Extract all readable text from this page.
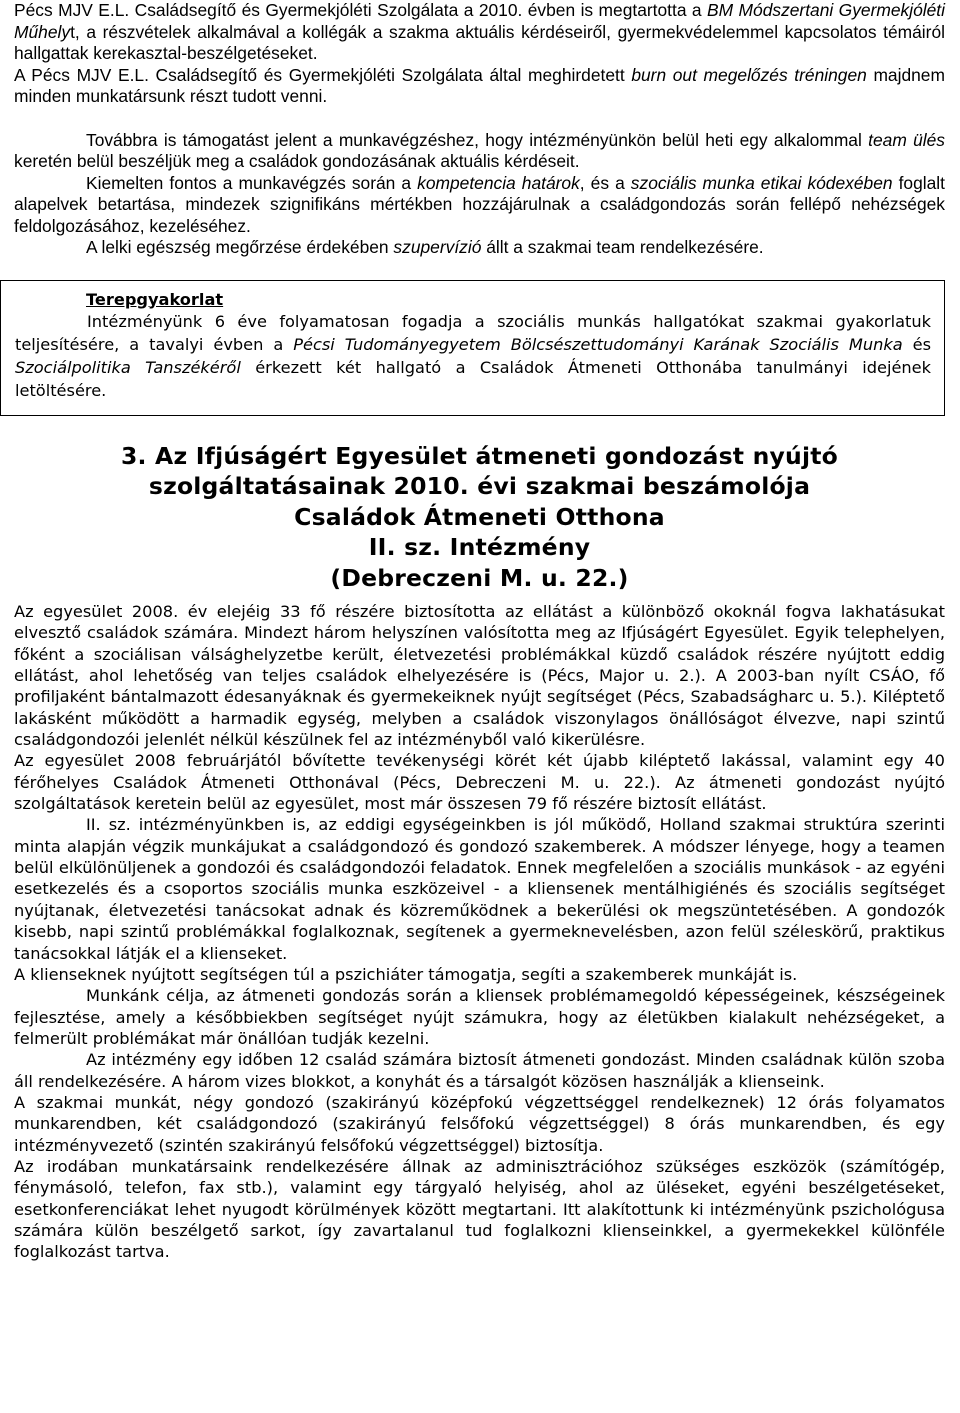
Pécs MJV E.L. Családsegítő és Gyermekjóléti Szolgálata a 2010. évben is megtartotta a BM Módszertani Gyermekjóléti Műhelyt, a részvételek alkalmával a kollégák a szakma aktuális kérdéseiről, gyermekvédelemmel kapcsolatos témáiról hallgattak kerekasztal-beszélgetéseket.

A Pécs MJV E.L. Családsegítő és Gyermekjóléti Szolgálata által meghirdetett burn out megelőzés tréningen majdnem minden munkatársunk részt tudott venni.

Továbbra is támogatást jelent a munkavégzéshez, hogy intézményünkön belül heti egy alkalommal team ülés keretén belül beszéljük meg a családok gondozásának aktuális kérdéseit.

Kiemelten fontos a munkavégzés során a kompetencia határok, és a szociális munka etikai kódexében foglalt alapelvek betartása, mindezek szignifikáns mértékben hozzájárulnak a családgondozás során fellépő nehézségek feldolgozásához, kezeléséhez.

A lelki egészség megőrzése érdekében szupervízió állt a szakmai team rendelkezésére.

Terepgyakorlat

Intézményünk 6 éve folyamatosan fogadja a szociális munkás hallgatókat szakmai gyakorlatuk teljesítésére, a tavalyi évben a Pécsi Tudományegyetem Bölcsészettudományi Karának Szociális Munka és Szociálpolitika Tanszékéről érkezett két hallgató a Családok Átmeneti Otthonába tanulmányi idejének letöltésére.

3. Az Ifjúságért Egyesület átmeneti gondozást nyújtó
szolgáltatásainak 2010. évi szakmai beszámolója
Családok Átmeneti Otthona
II. sz. Intézmény
(Debreczeni M. u. 22.)

Az egyesület 2008. év elejéig 33 fő részére biztosította az ellátást a különböző okoknál fogva lakhatásukat elvesztő családok számára. Mindezt három helyszínen valósította meg az Ifjúságért Egyesület. Egyik telephelyen, főként a szociálisan válsághelyzetbe került, életvezetési problémákkal küzdő családok részére nyújtott eddig ellátást, ahol lehetőség van teljes családok elhelyezésére is (Pécs, Major u. 2.). A 2003-ban nyílt CSÁO, fő profiljaként bántalmazott édesanyáknak és gyermekeiknek nyújt segítséget (Pécs, Szabadságharc u. 5.). Kiléptető lakásként működött a harmadik egység, melyben a családok viszonylagos önállóságot élvezve, napi szintű családgondozói jelenlét nélkül készülnek fel az intézményből való kikerülésre.

Az egyesület 2008 februárjától bővítette tevékenységi körét két újabb kiléptető lakással, valamint egy 40 férőhelyes Családok Átmeneti Otthonával (Pécs, Debreczeni M. u. 22.). Az átmeneti gondozást nyújtó szolgáltatások keretein belül az egyesület, most már összesen 79 fő részére biztosít ellátást.

II. sz. intézményünkben is, az eddigi egységeinkben is jól működő, Holland szakmai struktúra szerinti minta alapján végzik munkájukat a családgondozó és gondozó szakemberek. A módszer lényege, hogy a teamen belül elkülönüljenek a gondozói és családgondozói feladatok. Ennek megfelelően a szociális munkások - az egyéni esetkezelés és a csoportos szociális munka eszközeivel - a kliensenek mentálhigiénés és szociális segítséget nyújtanak, életvezetési tanácsokat adnak és közreműködnek a bekerülési ok megszüntetésében. A gondozók kisebb, napi szintű problémákkal foglalkoznak, segítenek a gyermeknevelésben, azon felül széleskörű, praktikus tanácsokkal látják el a klienseket.

A klienseknek nyújtott segítségen túl a pszichiáter támogatja, segíti a szakemberek munkáját is.

Munkánk célja, az átmeneti gondozás során a kliensek problémamegoldó képességeinek, készségeinek fejlesztése, amely a későbbiekben segítséget nyújt számukra, hogy az életükben kialakult nehézségeket, a felmerült problémákat már önállóan tudják kezelni.

Az intézmény egy időben 12 család számára biztosít átmeneti gondozást. Minden családnak külön szoba áll rendelkezésére. A három vizes blokkot, a konyhát és a társalgót közösen használják a klienseink.

A szakmai munkát, négy gondozó (szakirányú középfokú végzettséggel rendelkeznek) 12 órás folyamatos munkarendben, két családgondozó (szakirányú felsőfokú végzettséggel) 8 órás munkarendben, és egy intézményvezető (szintén szakirányú felsőfokú végzettséggel) biztosítja.

Az irodában munkatársaink rendelkezésére állnak az adminisztrációhoz szükséges eszközök (számítógép, fénymásoló, telefon, fax stb.), valamint egy tárgyaló helyiség, ahol az üléseket, egyéni beszélgetéseket, esetkonferenciákat lehet nyugodt körülmények között megtartani. Itt alakítottunk ki intézményünk pszichológusa számára külön beszélgető sarkot, így zavartalanul tud foglalkozni klienseinkkel, a gyermekekkel különféle foglalkozást tartva.
